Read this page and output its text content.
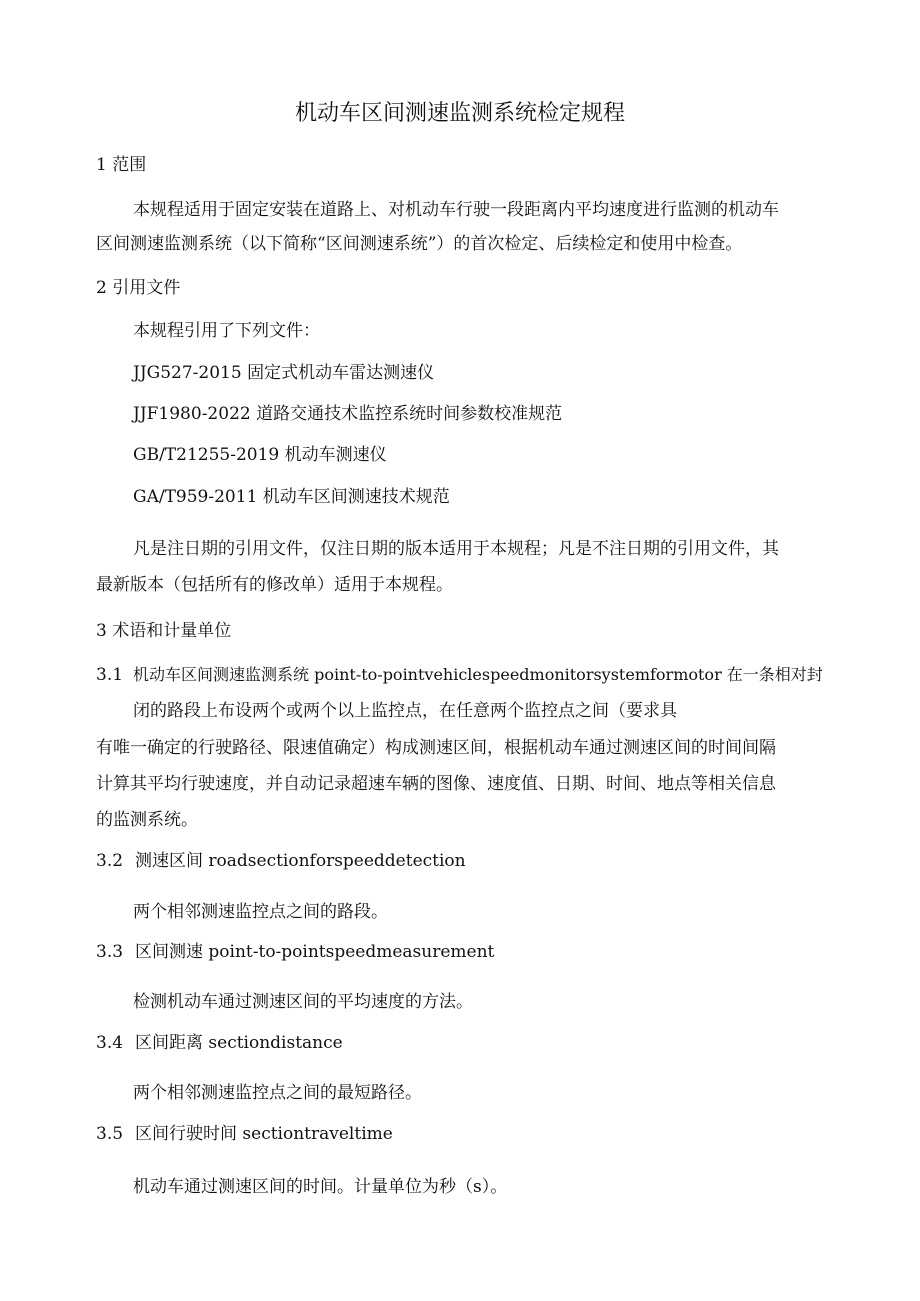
机动车区间测速监测系统检定规程
1 范围
本规程适用于固定安装在道路上、对机动车行驶一段距离内平均速度进行监测的机动车
区间测速监测系统（以下简称“区间测速系统”）的首次检定、后续检定和使用中检查。
2 引用文件
本规程引用了下列文件：
JJG527-2015 固定式机动车雷达测速仪
JJF1980-2022 道路交通技术监控系统时间参数校准规范
GB/T21255-2019 机动车测速仪
GA/T959-2011 机动车区间测速技术规范
凡是注日期的引用文件，仅注日期的版本适用于本规程；凡是不注日期的引用文件，其
最新版本（包括所有的修改单）适用于本规程。
3 术语和计量单位
3.1 机动车区间测速监测系统 point-to-pointvehiclespeedmonitorsystemformotor 在一条相对封
闭的路段上布设两个或两个以上监控点，在任意两个监控点之间（要求具
有唯一确定的行驶路径、限速值确定）构成测速区间，根据机动车通过测速区间的时间间隔
计算其平均行驶速度，并自动记录超速车辆的图像、速度值、日期、时间、地点等相关信息
的监测系统。
3.2 测速区间 roadsectionforspeeddetection
两个相邻测速监控点之间的路段。
3.3 区间测速 point-to-pointspeedmeasurement
检测机动车通过测速区间的平均速度的方法。
3.4 区间距离 sectiondistance
两个相邻测速监控点之间的最短路径。
3.5 区间行驶时间 sectiontraveltime
机动车通过测速区间的时间。计量单位为秒（s）。
